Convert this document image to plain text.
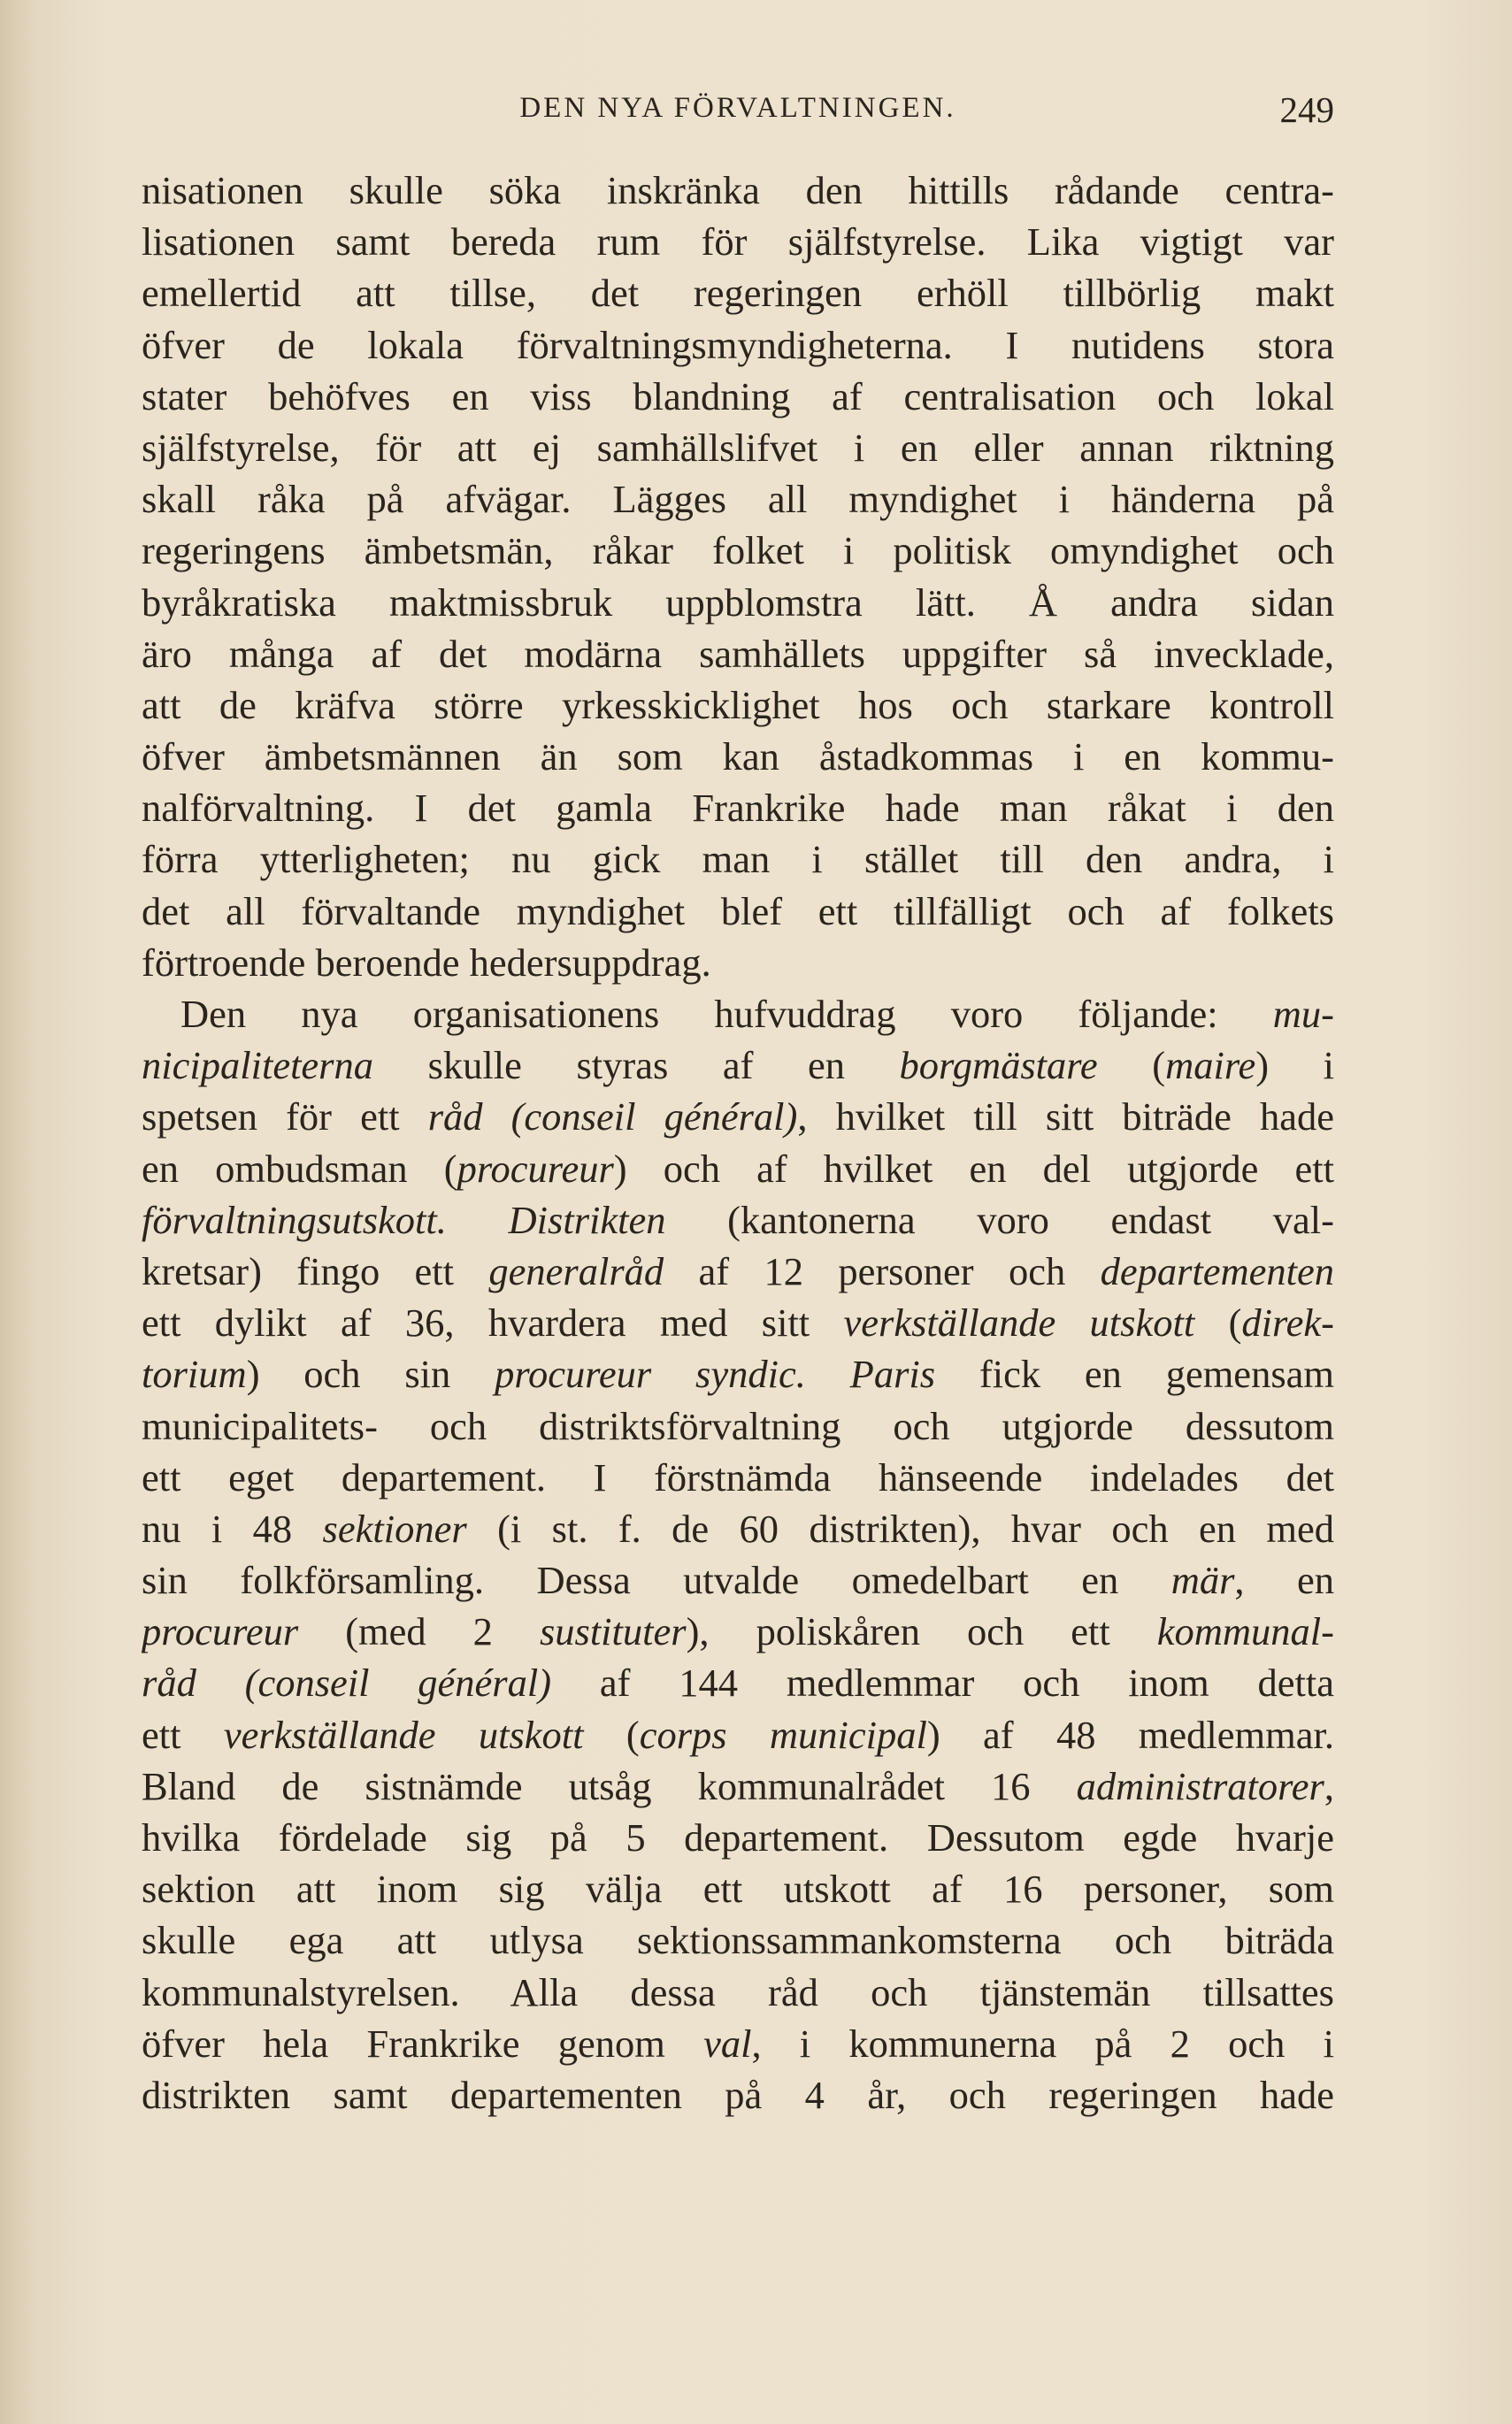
DEN NYA FÖRVALTNINGEN.	249
nisationen skulle söka inskränka den hittills rådande centra-
lisationen samt bereda rum för själfstyrelse. Lika vigtigt var
emellertid att tillse, det regeringen erhöll tillbörlig makt
öfver de lokala förvaltningsmyndigheterna. I nutidens stora
stater behöfves en viss blandning af centralisation och lokal
själfstyrelse, för att ej samhällslifvet i en eller annan riktning
skall råka på afvägar. Lägges all myndighet i händerna på
regeringens ämbetsmän, råkar folket i politisk omyndighet och
byråkratiska maktmissbruk uppblomstra lätt. Å andra sidan
äro många af det modärna samhällets uppgifter så invecklade,
att de kräfva större yrkesskicklighet hos och starkare kontroll
öfver ämbetsmännen än som kan åstadkommas i en kommu-
nalförvaltning. I det gamla Frankrike hade man råkat i den
förra ytterligheten; nu gick man i stället till den andra, i
det all förvaltande myndighet blef ett tillfälligt och af folkets
förtroende beroende hedersuppdrag.
Den nya organisationens hufvuddrag voro följande: mu-
nicipaliteterna skulle styras af en borgmästare (maire) i
spetsen för ett råd (conseil général), hvilket till sitt biträde hade
en ombudsman (procureur) och af hvilket en del utgjorde ett
förvaltningsutskott. Distrikten (kantonerna voro endast val-
kretsar) fingo ett generalråd af 12 personer och departementen
ett dylikt af 36, hvardera med sitt verkställande utskott (direk-
torium) och sin procureur syndic. Paris fick en gemensam
municipalitets- och distriktsförvaltning och utgjorde dessutom
ett eget departement. I förstnämda hänseende indelades det
nu i 48 sektioner (i st. f. de 60 distrikten), hvar och en med
sin folkförsamling. Dessa utvalde omedelbart en mär, en
procureur (med 2 sustituter), poliskåren och ett kommunal-
råd (conseil général) af 144 medlemmar och inom detta
ett verkställande utskott (corps municipal) af 48 medlemmar.
Bland de sistnämde utsåg kommunalrådet 16 administratorer,
hvilka fördelade sig på 5 departement. Dessutom egde hvarje
sektion att inom sig välja ett utskott af 16 personer, som
skulle ega att utlysa sektionssammankomsterna och biträda
kommunalstyrelsen. Alla dessa råd och tjänstemän tillsattes
öfver hela Frankrike genom val, i kommunerna på 2 och i
distrikten samt departementen på 4 år, och regeringen hade
